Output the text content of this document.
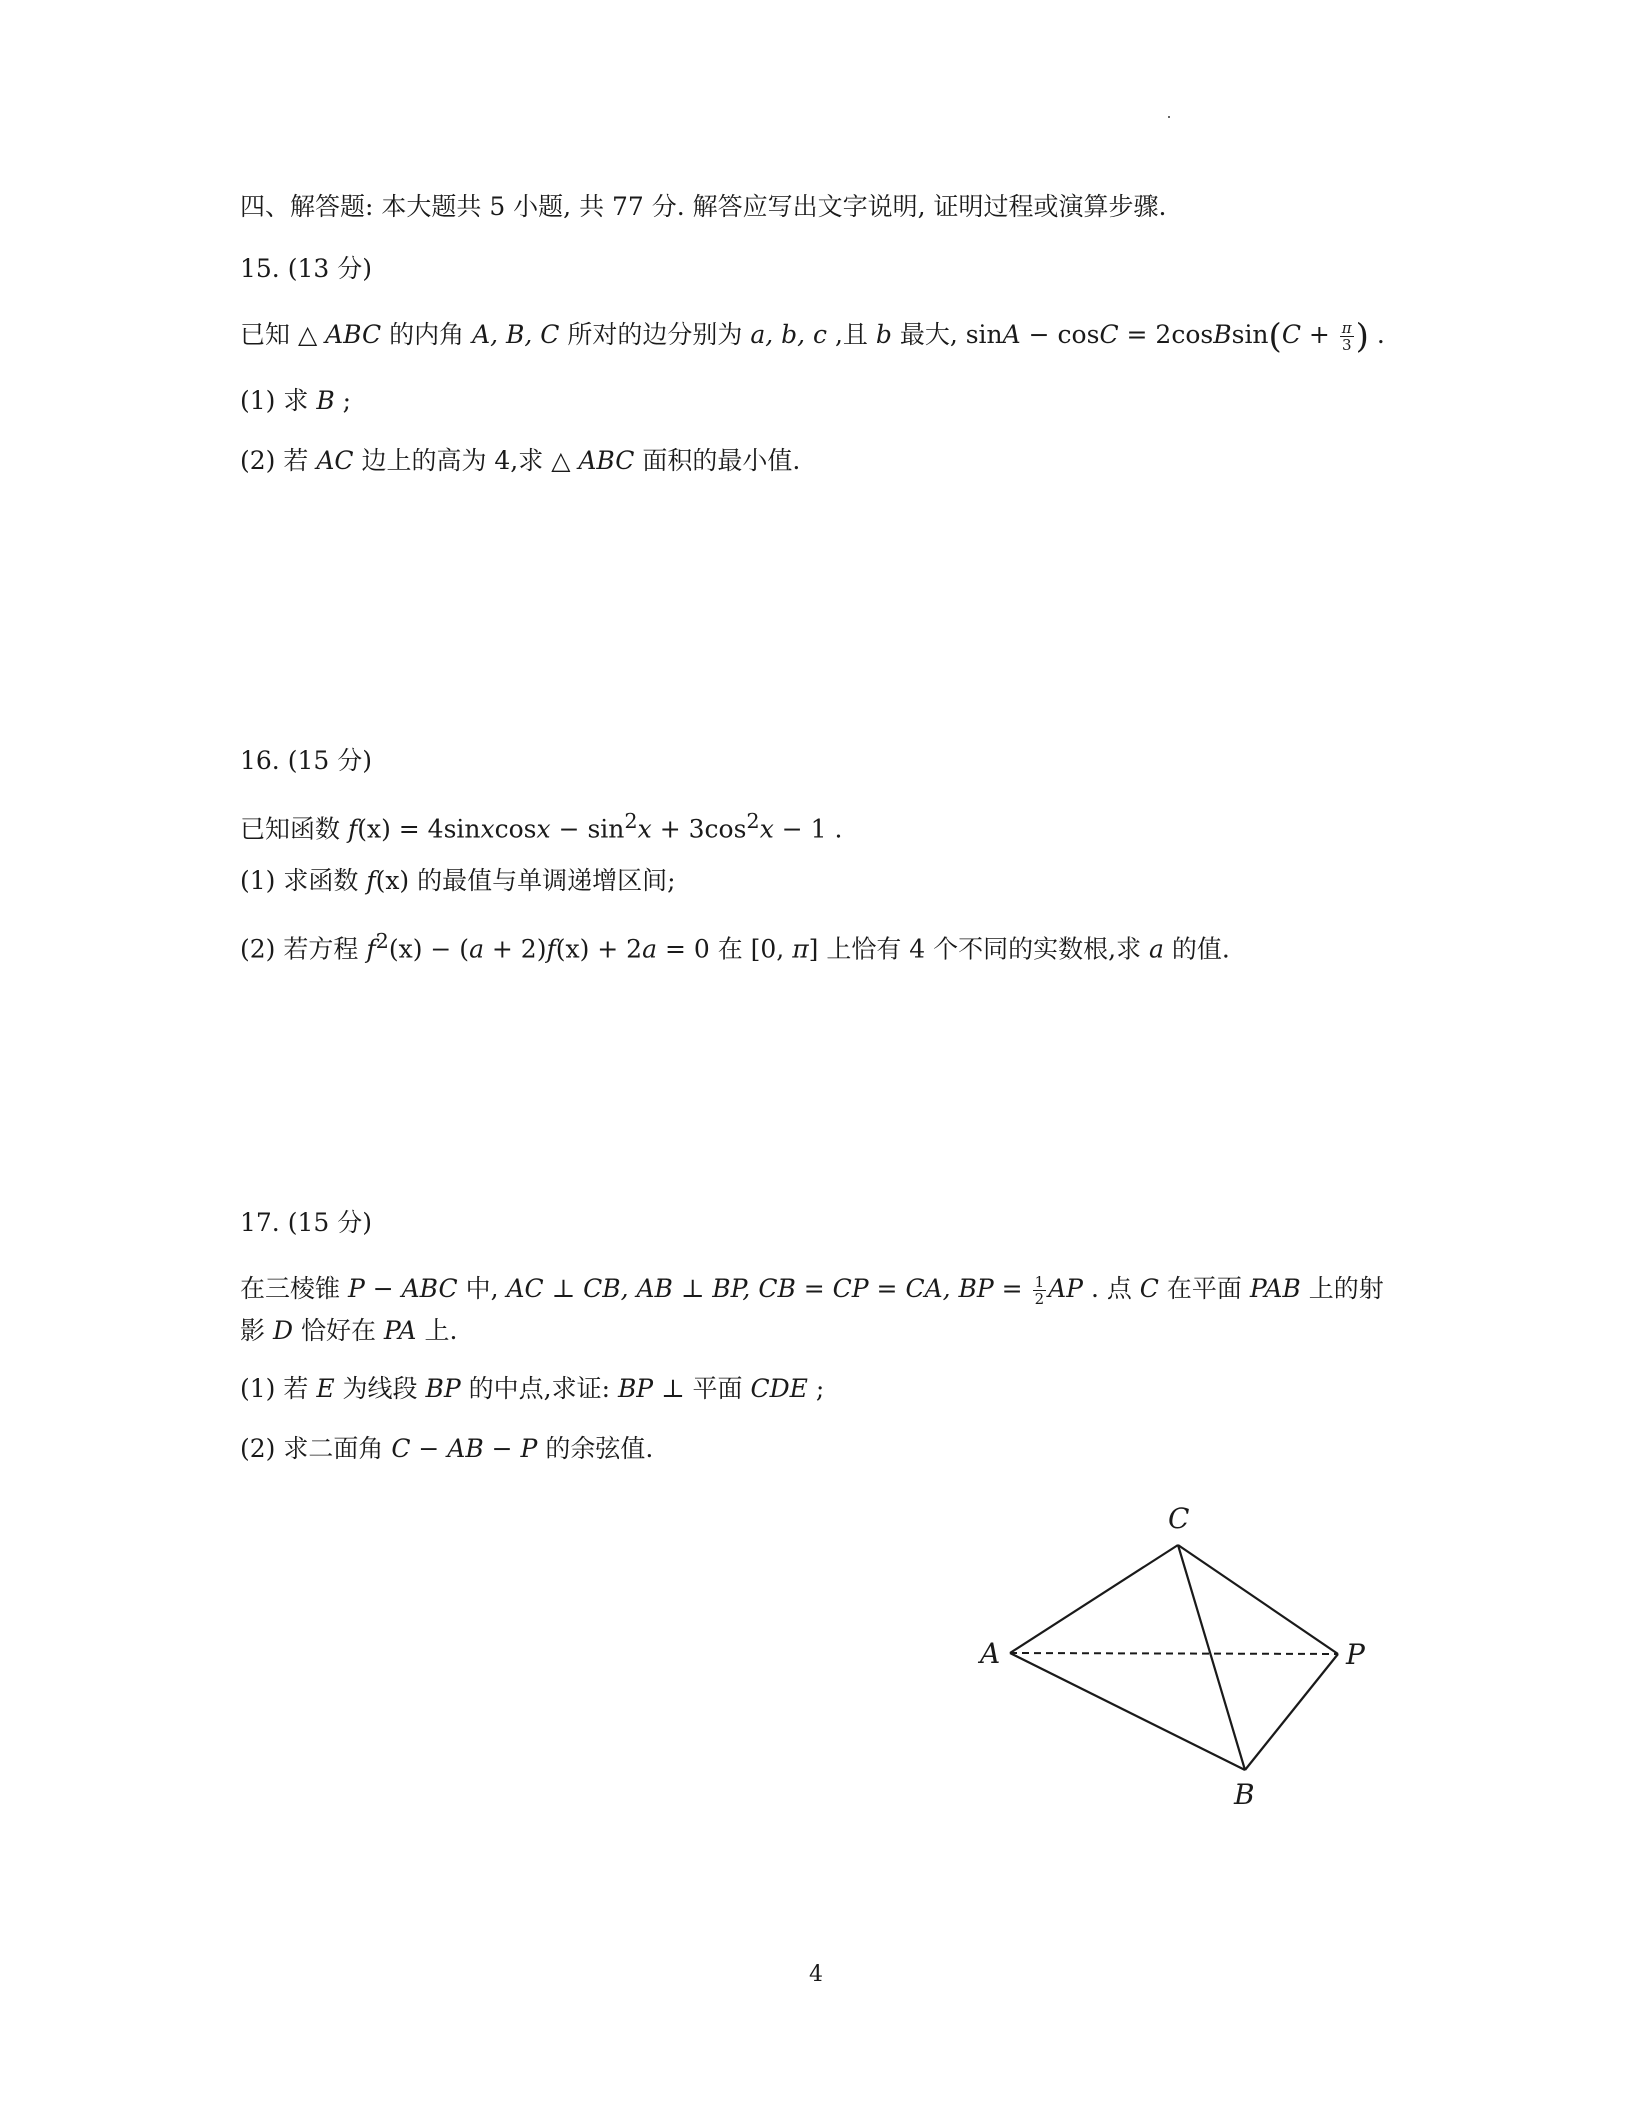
四、解答题: 本大题共 5 小题, 共 77 分. 解答应写出文字说明, 证明过程或演算步骤.
15. (13 分)
已知 △ ABC 的内角 A, B, C 所对的边分别为 a, b, c ,且 b 最大, sinA − cosC = 2cosBsin(C + $\frac{\pi}{3}$ ) .
(1) 求 B ;
(2) 若 AC 边上的高为 4,求 △ ABC 面积的最小值.
16. (15 分)
已知函数 f(x) = 4sinxcosx − $\sin^2x + 3\cos^2x - 1$ .
(1) 求函数 f(x) 的最值与单调递增区间;
(2) 若方程 $f^2(x) - (a + 2)f(x) + 2a = 0$ 在 [0, π] 上恰有 4 个不同的实数根,求 a 的值.
17. (15 分)
在三棱锥 P − ABC 中, AC ⊥ CB, AB ⊥ BP, CB = CP = CA, BP = $\frac{1}{2}$ AP . 点 C 在平面 PAB 上的射
影 D 恰好在 PA 上.
(1) 若 E 为线段 BP 的中点,求证: BP ⊥ 平面 CDE ;
(2) 求二面角 C − AB − P 的余弦值.
C
A	P
B
4
